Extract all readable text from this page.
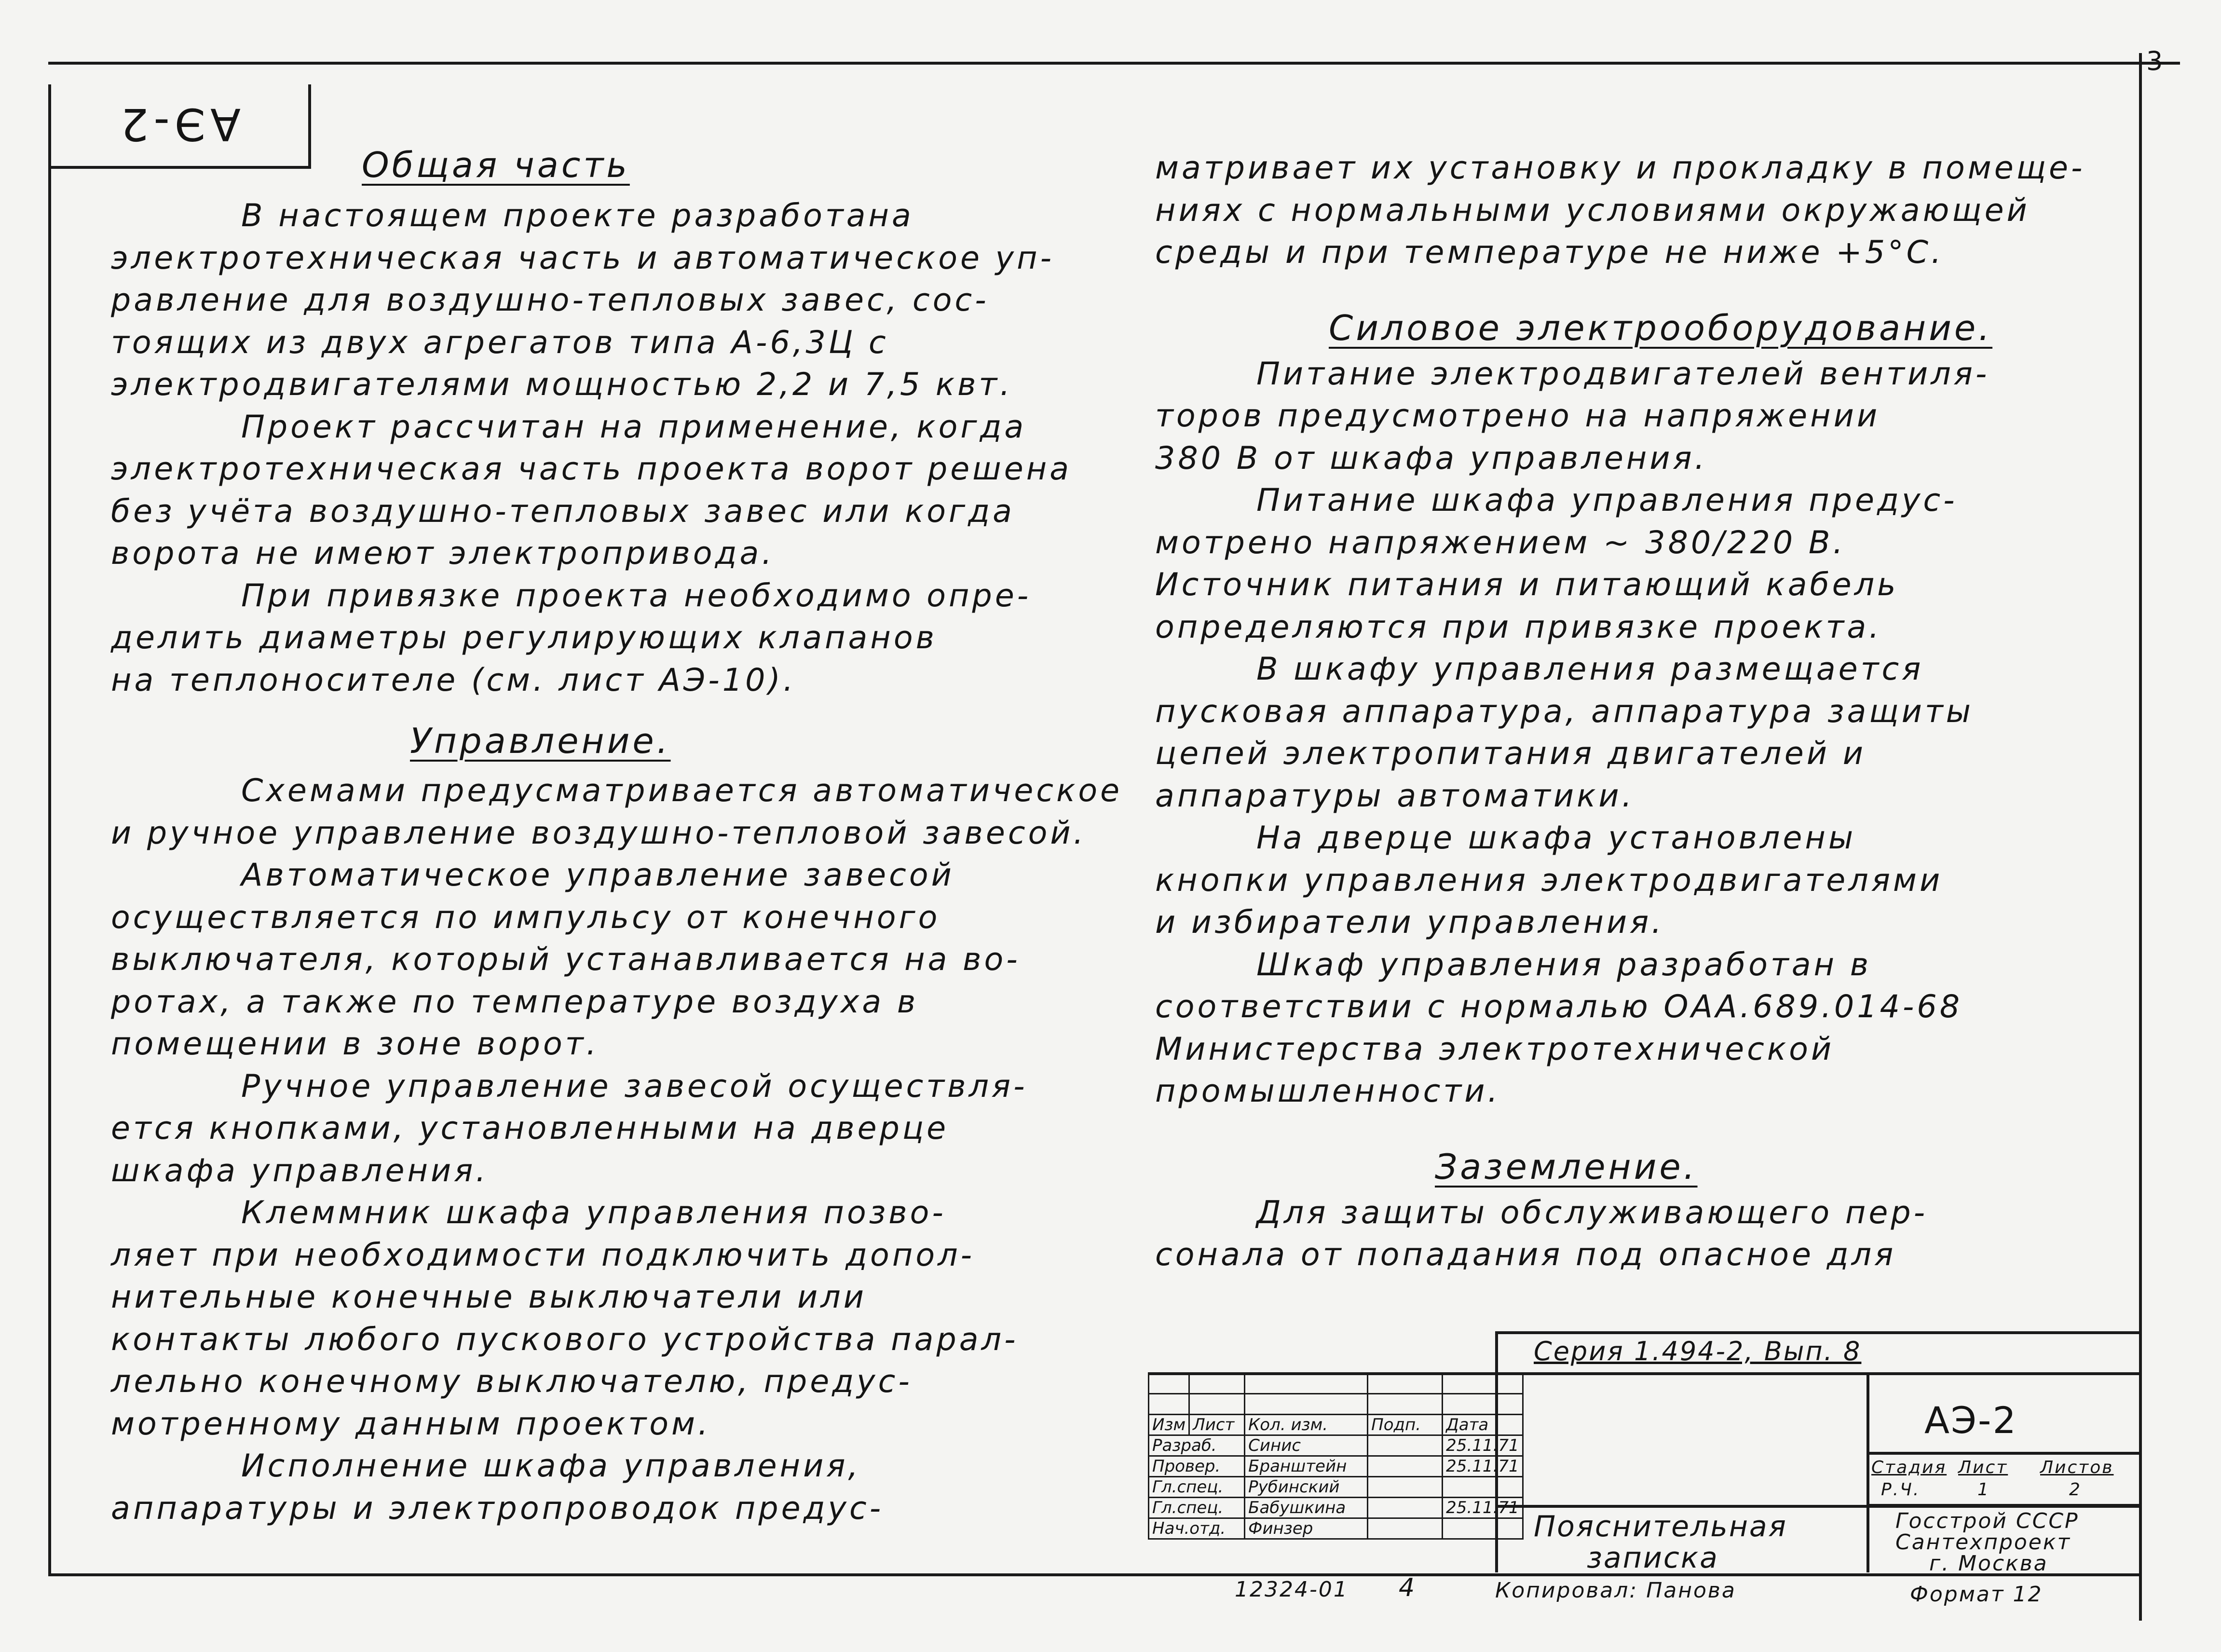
3
АЭ-2
Общая часть

В настоящем проекте разработана

электротехническая часть и автоматическое уп-

равление для воздушно-тепловых завес, сос-

тоящих из двух агрегатов типа А-6,3Ц с

электродвигателями мощностью 2,2 и 7,5 квт.

Проект рассчитан на применение, когда

электротехническая часть проекта ворот решена

без учёта воздушно-тепловых завес или когда

ворота не имеют электропривода.

При привязке проекта необходимо опре-

делить диаметры регулирующих клапанов

на теплоносителе (см. лист АЭ-10).

Управление.

Схемами предусматривается автоматическое

и ручное управление воздушно-тепловой завесой.

Автоматическое управление завесой

осуществляется по импульсу от конечного

выключателя, который устанавливается на во-

ротах, а также по температуре воздуха в

помещении в зоне ворот.

Ручное управление завесой осуществля-

ется кнопками, установленными на дверце

шкафа управления.

Клеммник шкафа управления позво-

ляет при необходимости подключить допол-

нительные конечные выключатели или

контакты любого пускового устройства парал-

лельно конечному выключателю, предус-

мотренному данным проектом.

Исполнение шкафа управления,

аппаратуры и электропроводок предус-

матривает их установку и прокладку в помеще-

ниях с нормальными условиями окружающей

среды и при температуре не ниже +5°С.

Силовое электрооборудование.

Питание электродвигателей вентиля-

торов предусмотрено на напряжении

380 В от шкафа управления.

Питание шкафа управления предус-

мотрено напряжением ~ 380/220 В.

Источник питания и питающий кабель

определяются при привязке проекта.

В шкафу управления размещается

пусковая аппаратура, аппаратура защиты

цепей электропитания двигателей и

аппаратуры автоматики.

На дверце шкафа установлены

кнопки управления электродвигателями

и избиратели управления.

Шкаф управления разработан в

соответствии с нормалью ОАА.689.014-68

Министерства электротехнической

промышленности.

Заземление.

Для защиты обслуживающего пер-

сонала от попадания под опасное для

Серия 1.494-2, Вып. 8
АЭ-2
Стадия Лист Листов
Р.Ч.	1	2
Пояснительная
записка
Госстрой СССР
Сантехпроект
г. Москва

Изм	Лист	Кол. изм.	Подп.	Дата
Разраб.		Синис		25.11.71
Провер.		Бранштейн		25.11.71
Гл.спец.		Рубинский		
Гл.спец.		Бабушкина		25.11.71
Нач.отд.		Финзер		
12324-01 4	Копировал: Панова	Формат 12
